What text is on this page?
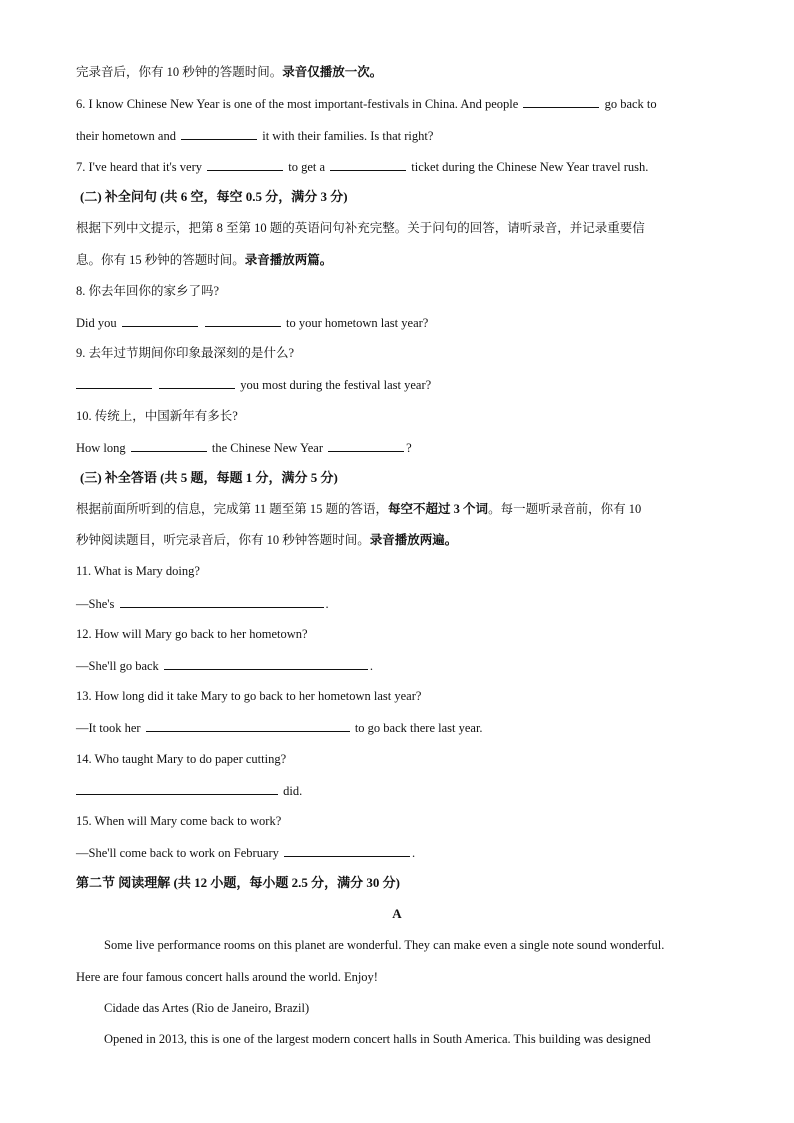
完录音后，你有 10 秒钟的答题时间。录音仅播放一次。
6. I know Chinese New Year is one of the most important-festivals in China. And people	go back to
their hometown and	it with their families. Is that right?
7. I've heard that it's very	to get a	ticket during the Chinese New Year travel rush.
(二) 补全问句 (共 6 空，每空 0.5 分，满分 3 分)
根据下列中文提示，把第 8 至第 10 题的英语问句补充完整。关于问句的回答，请听录音，并记录重要信
息。你有 15 秒钟的答题时间。录音播放两篇。
8. 你去年回你的家乡了吗?
Did you	to your hometown last year?
9. 去年过节期间你印象最深刻的是什么?
you most during the festival last year?
10. 传统上，中国新年有多长?
How long	the Chinese New Year	?
(三) 补全答语 (共 5 题，每题 1 分，满分 5 分)
根据前面所听到的信息，完成第 11 题至第 15 题的答语，每空不超过 3 个词。每一题听录音前，你有 10
秒钟阅读题目，听完录音后，你有 10 秒钟答题时间。录音播放两遍。
11. What is Mary doing?
—She's	.
12. How will Mary go back to her hometown?
—She'll go back	.
13. How long did it take Mary to go back to her hometown last year?
—It took her	to go back there last year.
14. Who taught Mary to do paper cutting?
did.
15. When will Mary come back to work?
—She'll come back to work on February	.
第二节 阅读理解 (共 12 小题，每小题 2.5 分，满分 30 分)
A
Some live performance rooms on this planet are wonderful. They can make even a single note sound wonderful.
Here are four famous concert halls around the world. Enjoy!
Cidade das Artes (Rio de Janeiro, Brazil)
Opened in 2013, this is one of the largest modern concert halls in South America. This building was designed
